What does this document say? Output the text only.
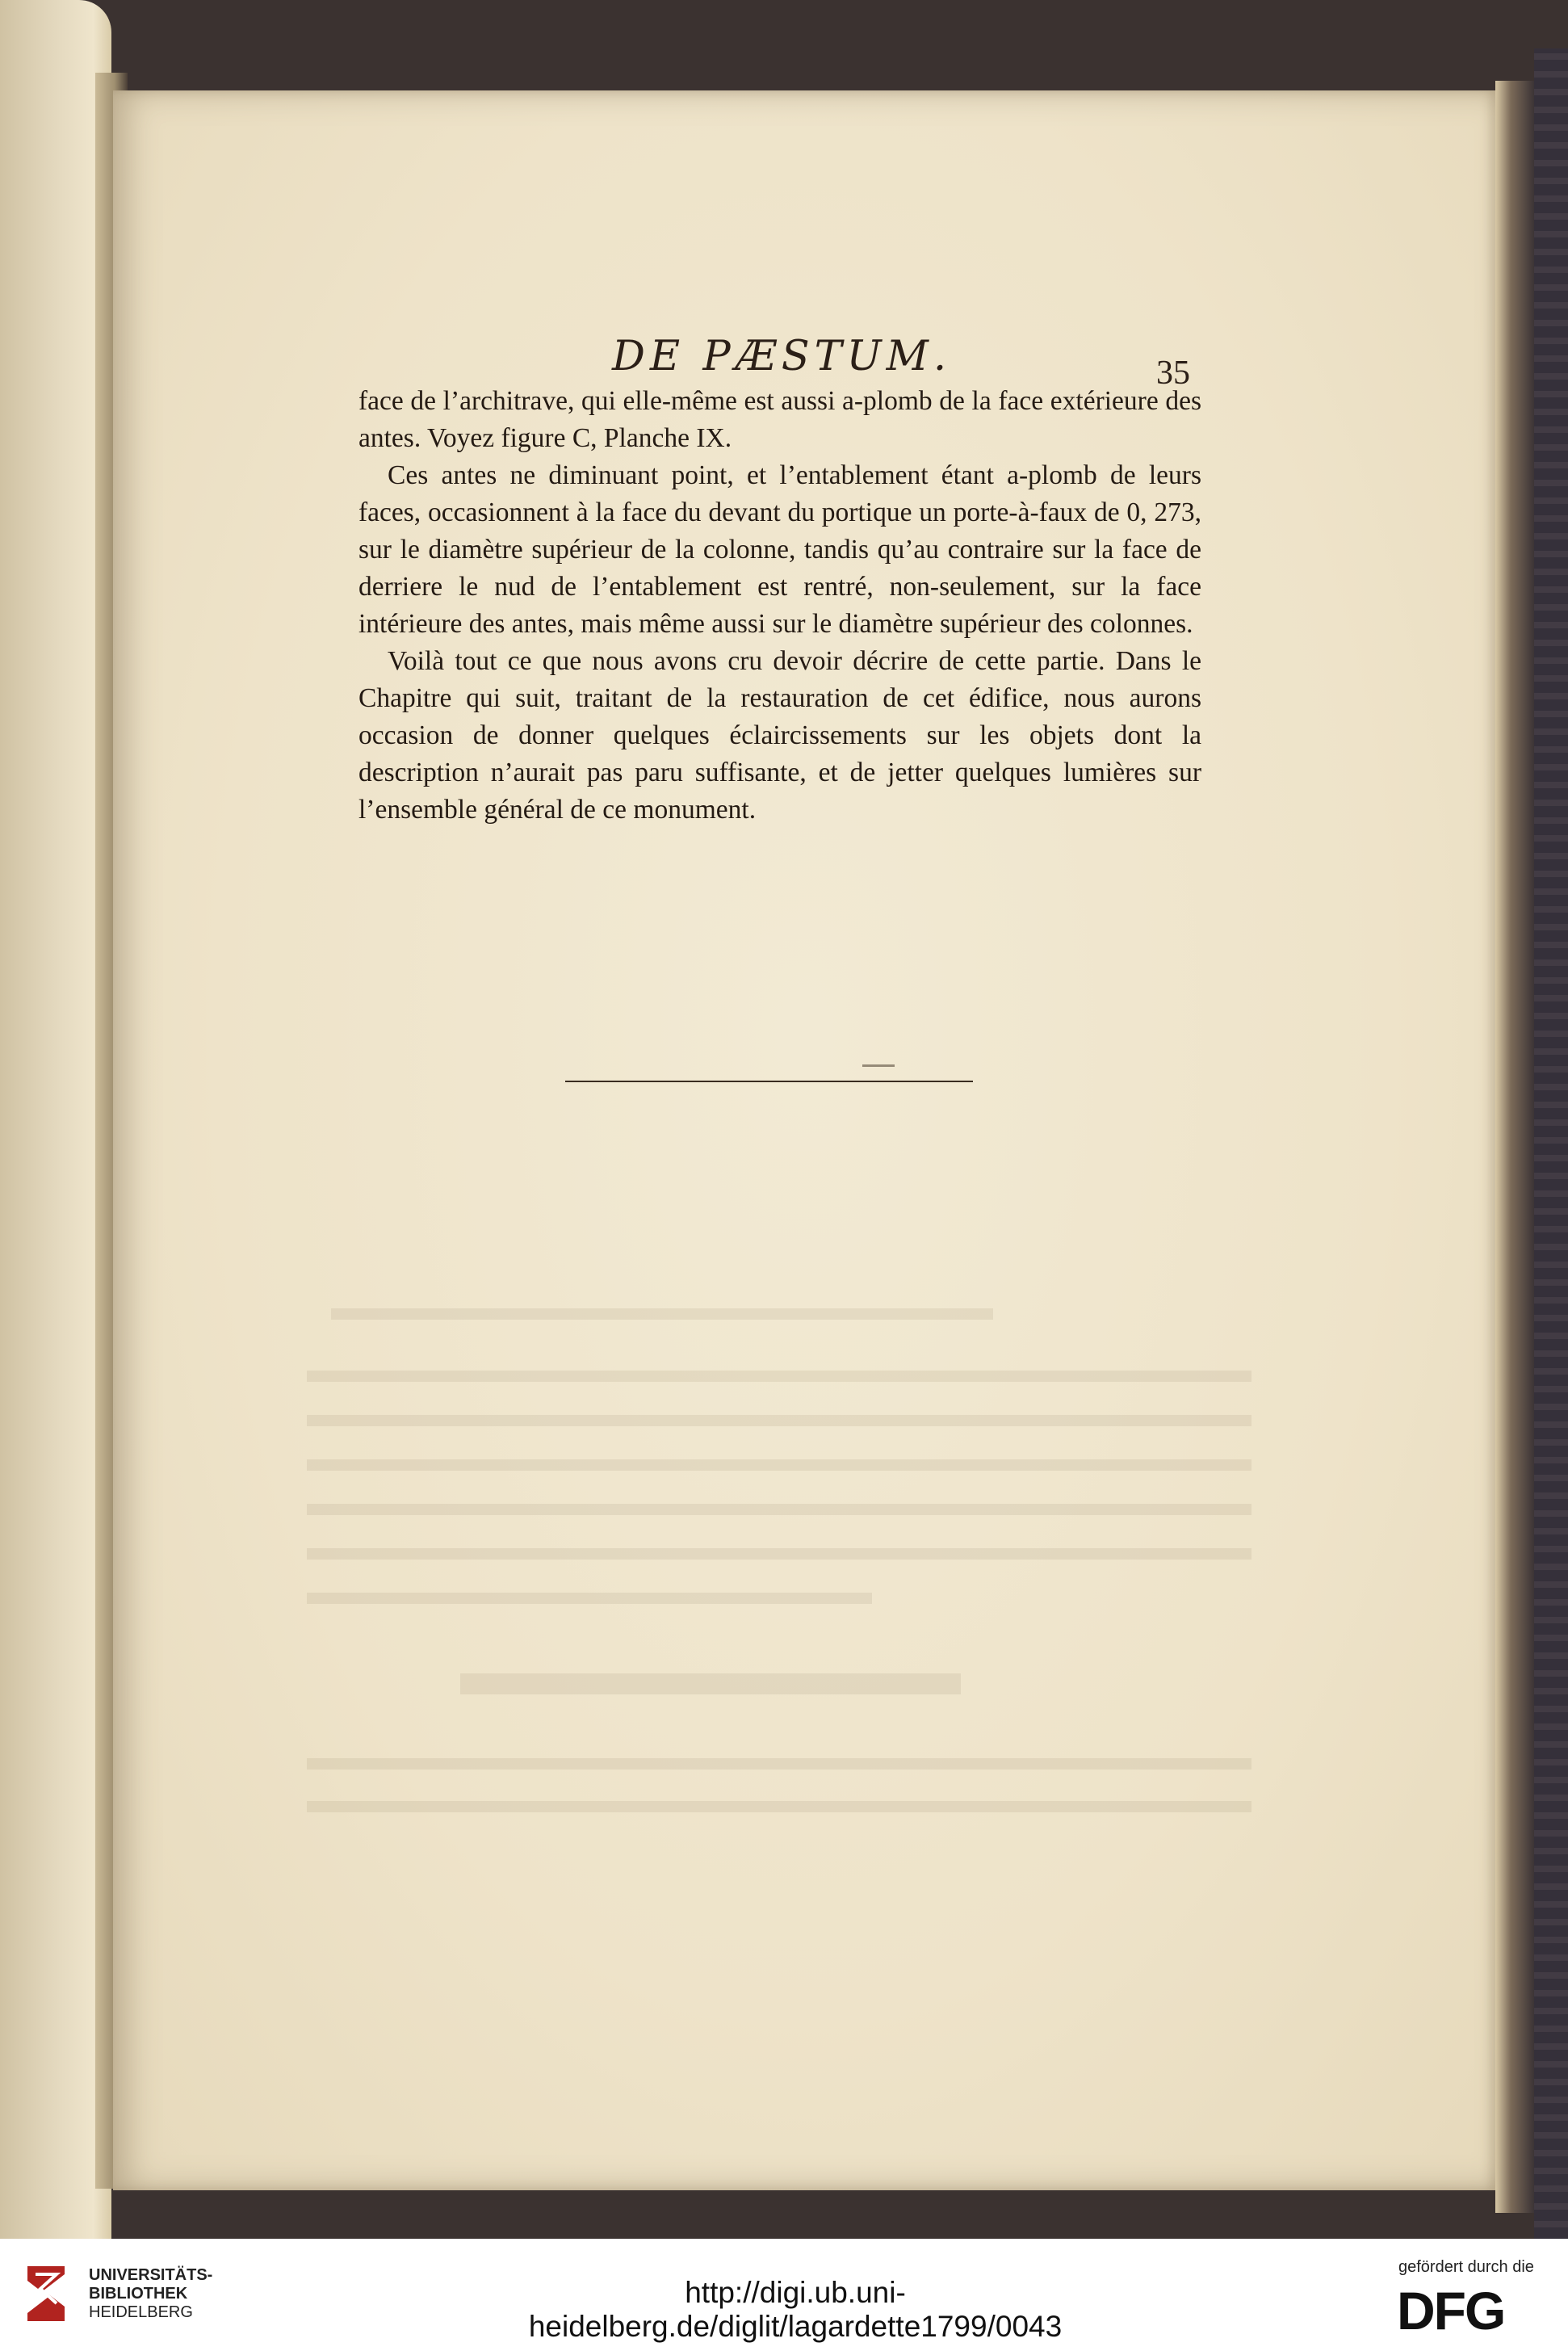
DE PÆSTUM.	35

face de l’architrave, qui elle-même est aussi a-plomb de la face extérieure des antes. Voyez figure C, Planche IX.

Ces antes ne diminuant point, et l’entablement étant a-plomb de leurs faces, occasionnent à la face du devant du portique un porte-à-faux de 0, 273, sur le diamètre supérieur de la colonne, tandis qu’au contraire sur la face de derriere le nud de l’entablement est rentré, non-seulement, sur la face intérieure des antes, mais même aussi sur le diamètre supérieur des colonnes.

Voilà tout ce que nous avons cru devoir décrire de cette partie. Dans le Chapitre qui suit, traitant de la restauration de cet édifice, nous aurons occasion de donner quelques éclaircissements sur les objets dont la description n’aurait pas paru suffisante, et de jetter quelques lumières sur l’ensemble général de ce monument.

UNIVERSITÄTS-
BIBLIOTHEK
HEIDELBERG
http://digi.ub.uni-heidelberg.de/diglit/lagardette1799/0043
gefördert durch die
DFG
